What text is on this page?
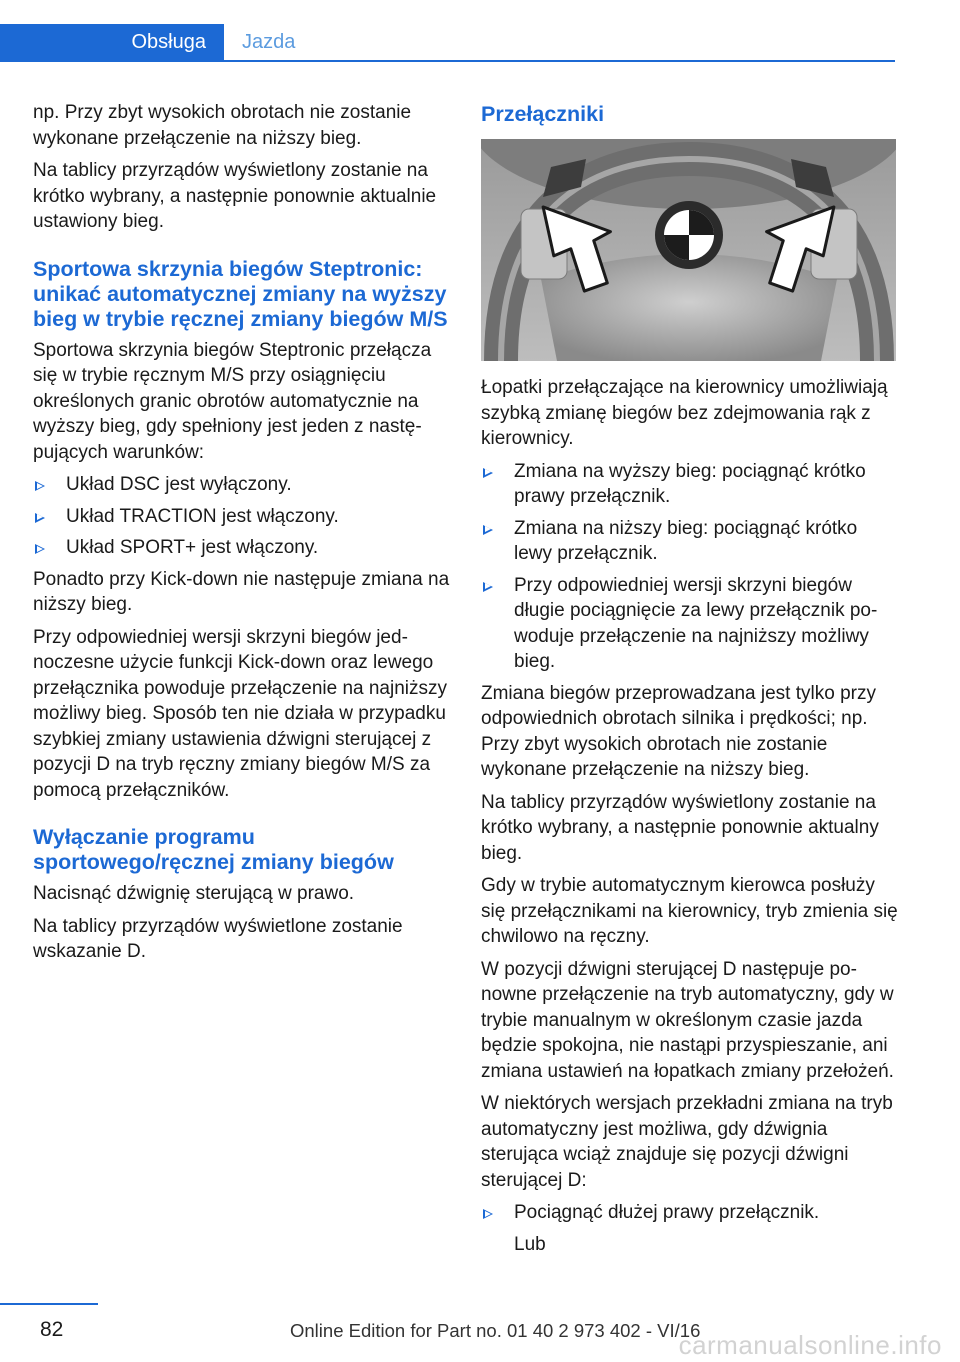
Obsługa	Jazda

np. Przy zbyt wysokich obrotach nie zostanie wykonane przełączenie na niższy bieg.

Na tablicy przyrządów wyświetlony zostanie na krótko wybrany, a następnie ponownie aktualnie ustawiony bieg.

Sportowa skrzynia biegów Steptronic: unikać automatycznej zmiany na wyższy bieg w trybie ręcznej zmiany biegów M/S

Sportowa skrzynia biegów Steptronic przełącza się w trybie ręcznym M/S przy osiągnięciu określonych granic obrotów automatycznie na wyższy bieg, gdy spełniony jest jeden z następujących warunków:

Układ DSC jest wyłączony.
Układ TRACTION jest włączony.
Układ SPORT+ jest włączony.

Ponadto przy Kick-down nie następuje zmiana na niższy bieg.

Przy odpowiedniej wersji skrzyni biegów jednoczesne użycie funkcji Kick-down oraz lewego przełącznika powoduje przełączenie na najniższy możliwy bieg. Sposób ten nie działa w przypadku szybkiej zmiany ustawienia dźwigni sterującej z pozycji D na tryb ręczny zmiany biegów M/S za pomocą przełączników.

Wyłączanie programu sportowego/ręcznej zmiany biegów

Nacisnąć dźwignię sterującą w prawo.

Na tablicy przyrządów wyświetlone zostanie wskazanie D.

Przełączniki

Łopatki przełączające na kierownicy umożliwiają szybką zmianę biegów bez zdejmowania rąk z kierownicy.

Zmiana na wyższy bieg: pociągnąć krótko prawy przełącznik.
Zmiana na niższy bieg: pociągnąć krótko lewy przełącznik.
Przy odpowiedniej wersji skrzyni biegów długie pociągnięcie za lewy przełącznik powoduje przełączenie na najniższy możliwy bieg.

Zmiana biegów przeprowadzana jest tylko przy odpowiednich obrotach silnika i prędkości; np. Przy zbyt wysokich obrotach nie zostanie wykonane przełączenie na niższy bieg.

Na tablicy przyrządów wyświetlony zostanie na krótko wybrany, a następnie ponownie aktualny bieg.

Gdy w trybie automatycznym kierowca posłuży się przełącznikami na kierownicy, tryb zmienia się chwilowo na ręczny.

W pozycji dźwigni sterującej D następuje ponowne przełączenie na tryb automatyczny, gdy w trybie manualnym w określonym czasie jazda będzie spokojna, nie nastąpi przyspieszanie, ani zmiana ustawień na łopatkach zmiany przełożeń.

W niektórych wersjach przekładni zmiana na tryb automatyczny jest możliwa, gdy dźwignia sterująca wciąż znajduje się pozycji dźwigni sterującej D:

Pociągnąć dłużej prawy przełącznik.

Lub

82	Online Edition for Part no. 01 40 2 973 402 - VI/16
carmanualsonline.info
